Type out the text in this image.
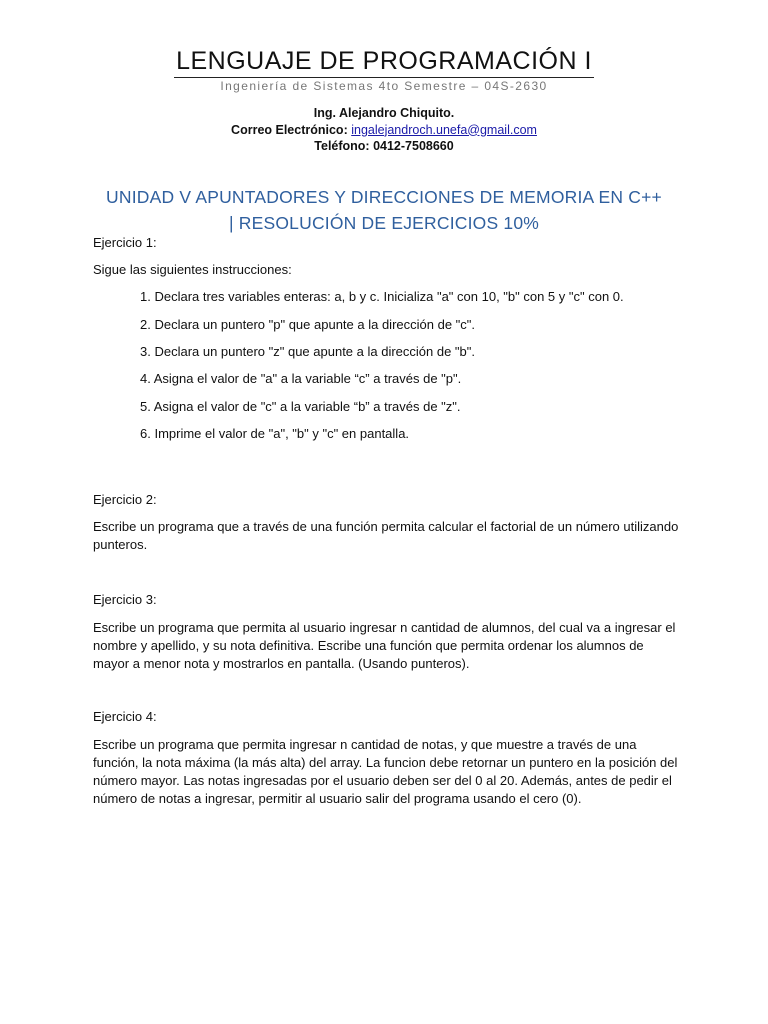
LENGUAJE DE PROGRAMACIÓN I
Ingeniería de Sistemas 4to Semestre – 04S-2630
Ing. Alejandro Chiquito.
Correo Electrónico: ingalejandroch.unefa@gmail.com
Teléfono: 0412-7508660
UNIDAD V APUNTADORES Y DIRECCIONES DE MEMORIA EN C++
| RESOLUCIÓN DE EJERCICIOS 10%
Ejercicio 1:
Sigue las siguientes instrucciones:
1. Declara tres variables enteras: a, b y c. Inicializa "a" con 10, "b" con 5 y "c" con 0.
2. Declara un puntero "p" que apunte a la dirección de "c".
3. Declara un puntero "z" que apunte a la dirección de "b".
4. Asigna el valor de "a" a la variable “c” a través de "p".
5. Asigna el valor de "c" a la variable “b” a través de "z".
6. Imprime el valor de "a", "b" y "c" en pantalla.
Ejercicio 2:
Escribe un programa que a través de una función permita calcular el factorial de un número utilizando punteros.
Ejercicio 3:
Escribe un programa que permita al usuario ingresar n cantidad de alumnos, del cual va a ingresar el nombre y apellido, y su nota definitiva. Escribe una función que permita ordenar los alumnos de mayor a menor nota y mostrarlos en pantalla. (Usando punteros).
Ejercicio 4:
Escribe un programa que permita ingresar n cantidad de notas, y que muestre a través de una función, la nota máxima (la más alta) del array. La funcion debe retornar un puntero en la posición del número mayor. Las notas ingresadas por el usuario deben ser del 0 al 20. Además, antes de pedir el número de notas a ingresar, permitir al usuario salir del programa usando el cero (0).
